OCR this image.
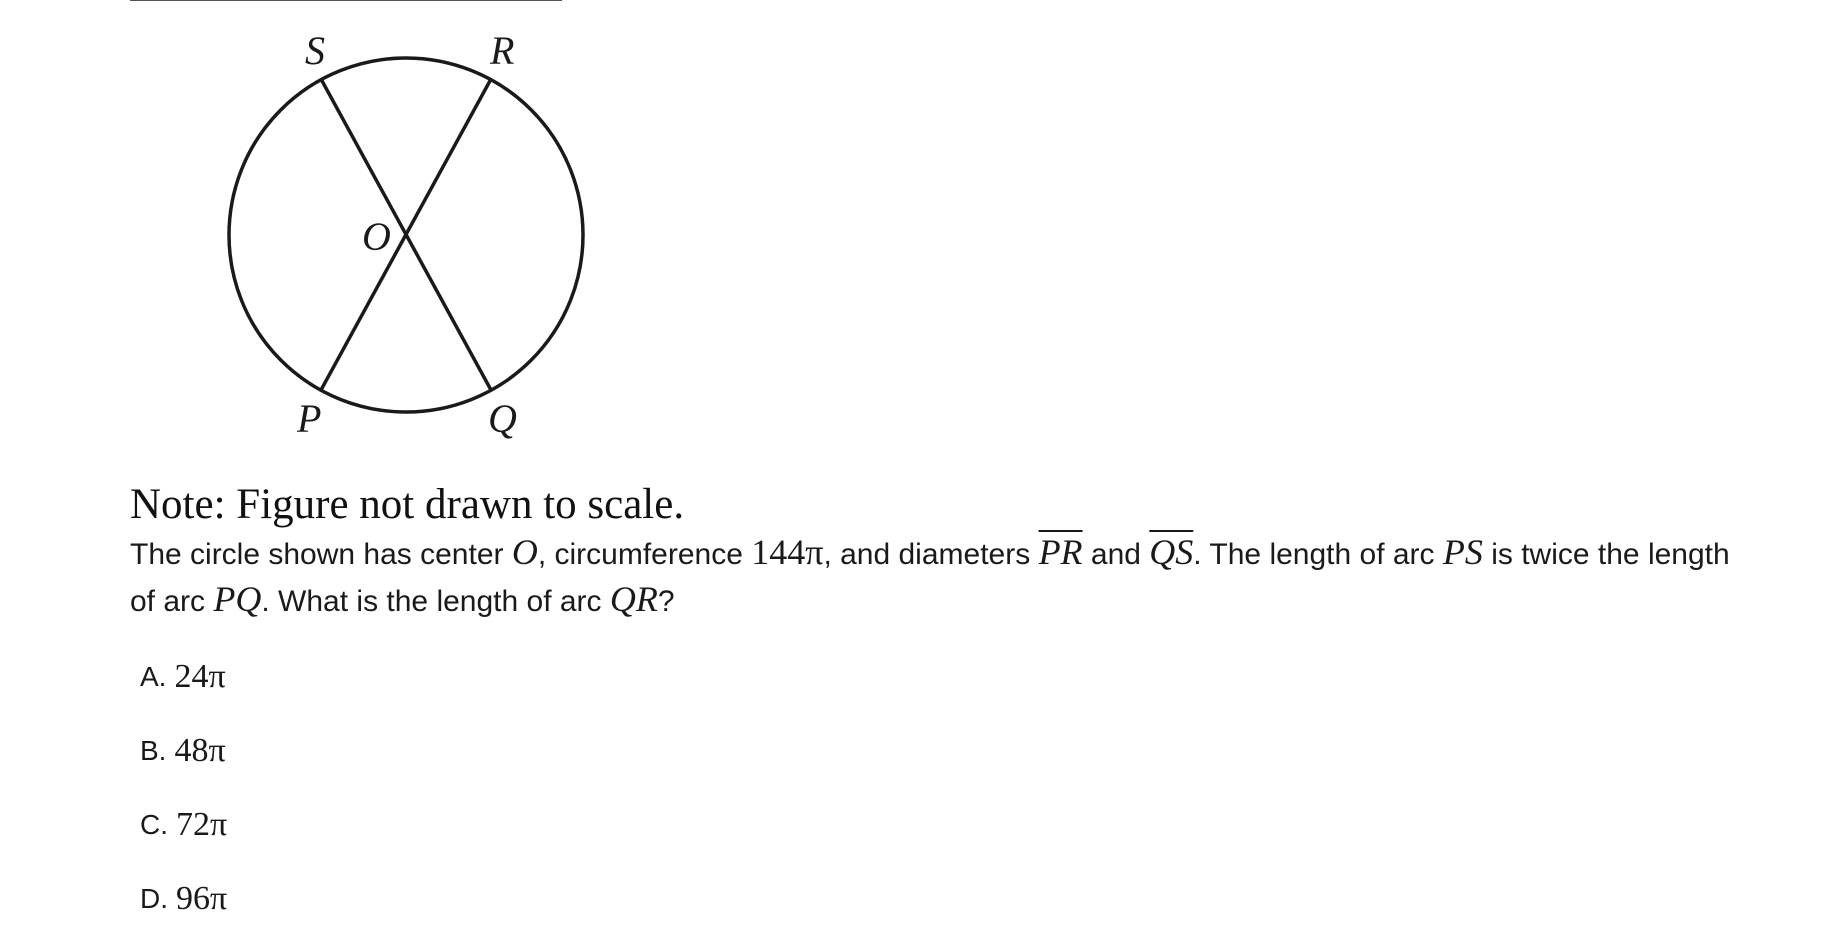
S	R
O
P	Q
Note: Figure not drawn to scale.
The circle shown has center O, circumference 144π, and diameters $\overline{PR}$ and $\overline{QS}$. The length of arc PS is twice the length of arc PQ. What is the length of arc QR?
A. 24π
B. 48π
C. 72π
D. 96π
